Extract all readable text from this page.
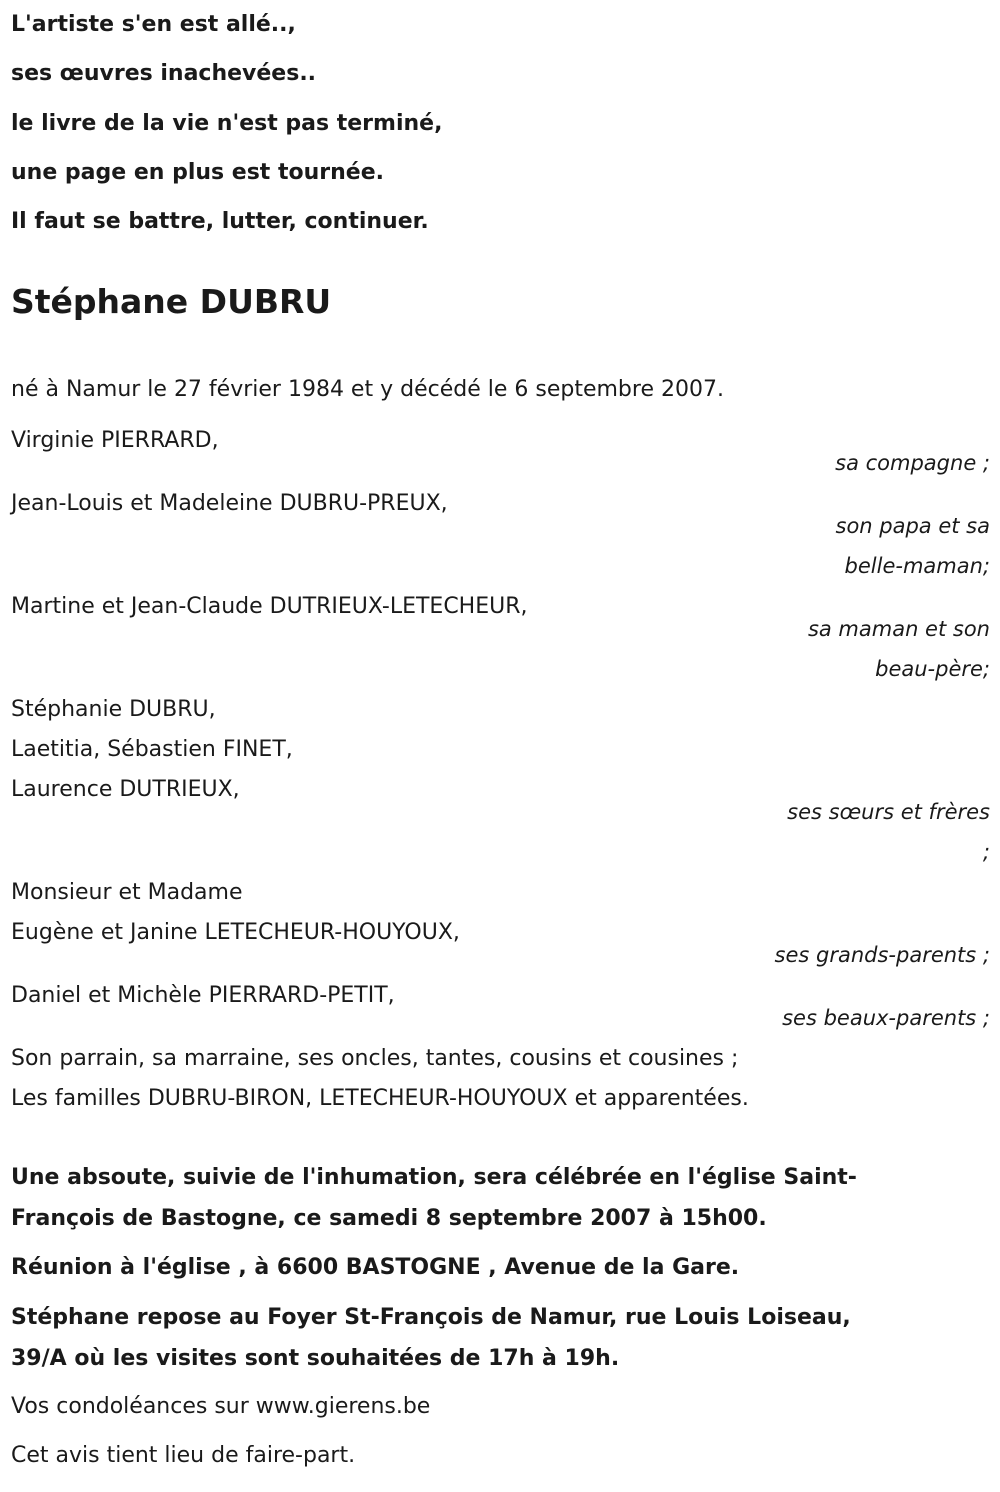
L'artiste s'en est allé..,

ses œuvres inachevées..

le livre de la vie n'est pas terminé,

une page en plus est tournée.

Il faut se battre, lutter, continuer.

Stéphane DUBRU

né à Namur le 27 février 1984 et y décédé le 6 septembre 2007.

Virginie PIERRARD,

sa compagne ;

Jean-Louis et Madeleine DUBRU-PREUX,

son papa et sa

belle-maman;

Martine et Jean-Claude DUTRIEUX-LETECHEUR,

sa maman et son

beau-père;

Stéphanie DUBRU,

Laetitia, Sébastien FINET,

Laurence DUTRIEUX,

ses sœurs et frères

;

Monsieur et Madame

Eugène et Janine LETECHEUR-HOUYOUX,

ses grands-parents ;

Daniel et Michèle PIERRARD-PETIT,

ses beaux-parents ;

Son parrain, sa marraine, ses oncles, tantes, cousins et cousines ;

Les familles DUBRU-BIRON, LETECHEUR-HOUYOUX et apparentées.

Une absoute, suivie de l'inhumation, sera célébrée en l'église Saint-

François de Bastogne, ce samedi 8 septembre 2007 à 15h00.

Réunion à l'église , à 6600 BASTOGNE , Avenue de la Gare.

Stéphane repose au Foyer St-François de Namur, rue Louis Loiseau,

39/A où les visites sont souhaitées de 17h à 19h.

Vos condoléances sur www.gierens.be

Cet avis tient lieu de faire-part.
